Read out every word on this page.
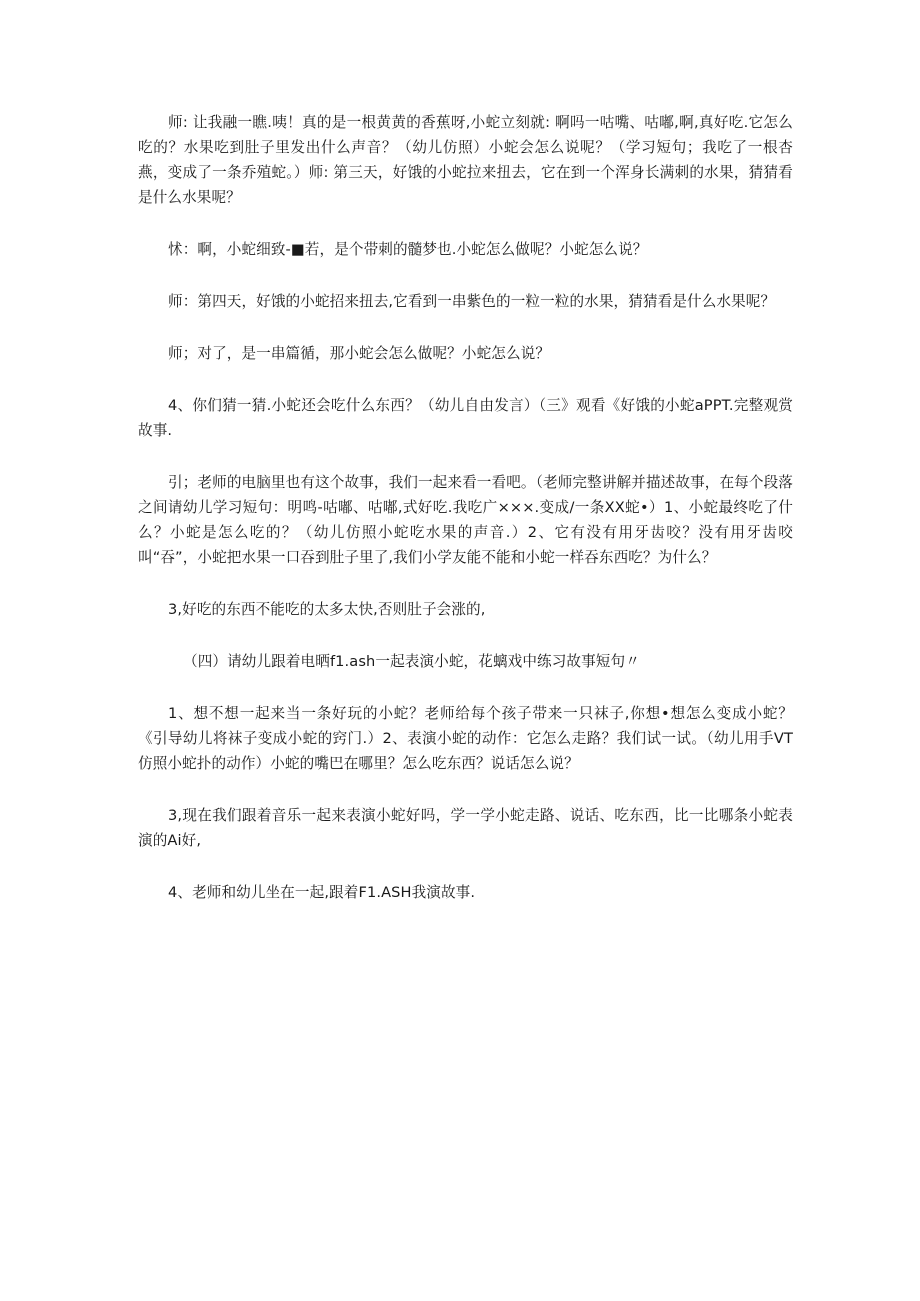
师: 让我融一瞧.咦！真的是一根黄黄的香蕉呀,小蛇立刻就: 啊吗一咕嘴、咕嘟,啊,真好吃.它怎么吃的？水果吃到肚子里发出什么声音？（幼儿仿照）小蛇会怎么说呢？（学习短句；我吃了一根杏燕，变成了一条乔殖蛇。）师: 第三天，好饿的小蛇拉来扭去，它在到一个浑身长满刺的水果，猜猜看是什么水果呢？

怵：啊，小蛇细致-■若，是个带刺的髓梦也.小蛇怎么做呢？小蛇怎么说？

师：第四天，好饿的小蛇招来扭去,它看到一串紫色的一粒一粒的水果，猜猜看是什么水果呢？

师；对了，是一串篇循，那小蛇会怎么做呢？小蛇怎么说？

4、你们猜一猜.小蛇还会吃什么东西？（幼儿自由发言）（三》观看《好饿的小蛇aPPT.完整观赏故事.

引；老师的电脑里也有这个故事，我们一起来看一看吧。（老师完整讲解并描述故事，在每个段落之间请幼儿学习短句：明鸣-咕嘟、咕嘟,式好吃.我吃广×××.变成/一条XX蛇•）1、小蛇最终吃了什么？小蛇是怎么吃的？（幼儿仿照小蛇吃水果的声音.）2、它有没有用牙齿咬？没有用牙齿咬叫“吞”，小蛇把水果一口吞到肚子里了,我们小学友能不能和小蛇一样吞东西吃？为什么？

3,好吃的东西不能吃的太多太快,否则肚子会涨的,

（四）请幼儿跟着电晒f1.ash一起表演小蛇，花螭戏中练习故事短句〃

1、想不想一起来当一条好玩的小蛇？老师给每个孩子带来一只袜子,你想•想怎么变成小蛇？《引导幼儿将袜子变成小蛇的窍门.）2、表演小蛇的动作：它怎么走路？我们试一试。（幼儿用手VT仿照小蛇扑的动作）小蛇的嘴巴在哪里？怎么吃东西？说话怎么说？

3,现在我们跟着音乐一起来表演小蛇好吗，学一学小蛇走路、说话、吃东西，比一比哪条小蛇表演的Ai好,

4、老师和幼儿坐在一起,跟着F1.ASH我演故事.
